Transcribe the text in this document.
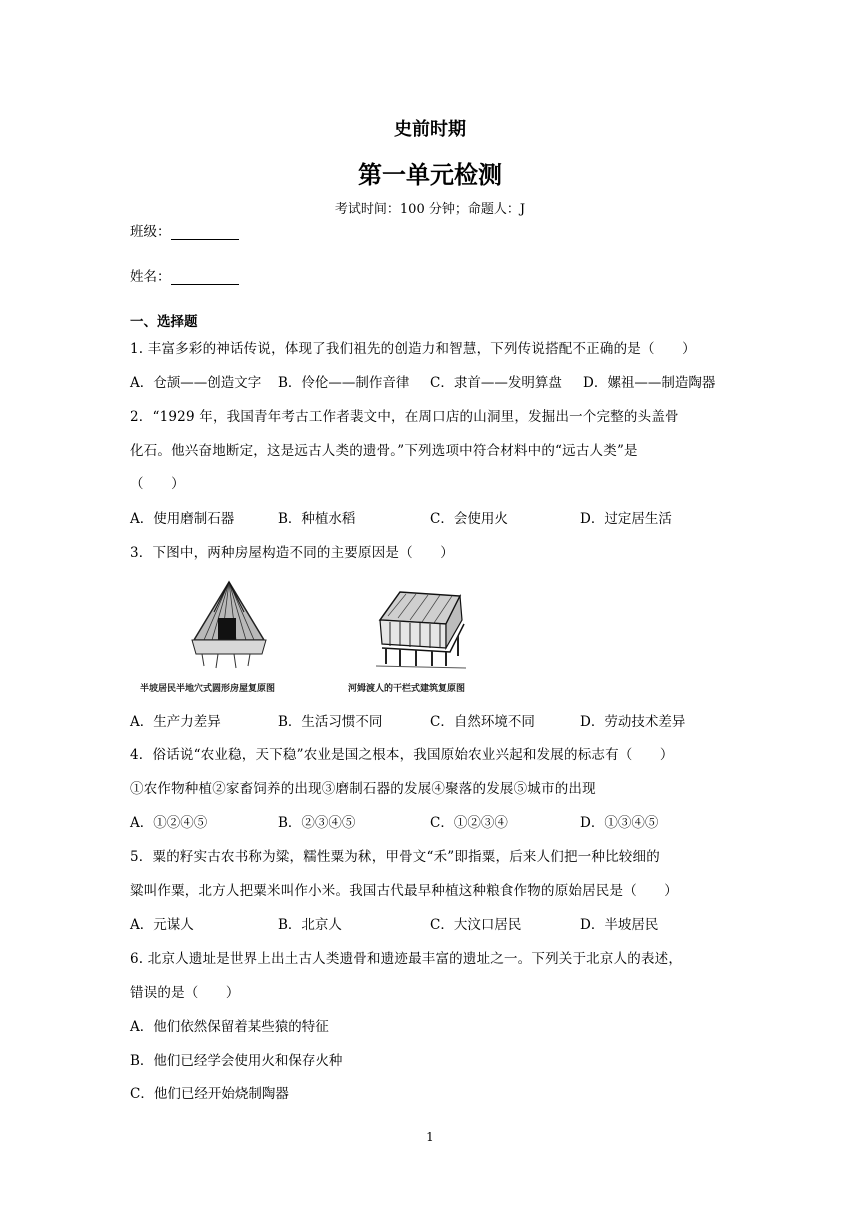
史前时期
第一单元检测
考试时间：100 分钟；命题人：J
班级：
姓名：
一、选择题
1. 丰富多彩的神话传说，体现了我们祖先的创造力和智慧，下列传说搭配不正确的是（　　）
A．仓颉——创造文字 B．伶伦——制作音律 C．隶首——发明算盘 D．嫘祖——制造陶器
2．“1929 年，我国青年考古工作者裴文中，在周口店的山洞里，发掘出一个完整的头盖骨
化石。他兴奋地断定，这是远古人类的遗骨。”下列选项中符合材料中的“远古人类”是
（　　）
A．使用磨制石器	B．种植水稻	C．会使用火	D．过定居生活
3．下图中，两种房屋构造不同的主要原因是（　　）
半坡居民半地穴式圆形房屋复原图	河姆渡人的干栏式建筑复原图
A．生产力差异	B．生活习惯不同	C．自然环境不同	D．劳动技术差异
4．俗话说“农业稳，天下稳”农业是国之根本，我国原始农业兴起和发展的标志有（　　）
①农作物种植②家畜饲养的出现③磨制石器的发展④聚落的发展⑤城市的出现
A．①②④⑤	B．②③④⑤	C．①②③④	D．①③④⑤
5．粟的籽实古农书称为粱，糯性粟为秫，甲骨文“禾”即指粟，后来人们把一种比较细的
粱叫作粟，北方人把粟米叫作小米。我国古代最早种植这种粮食作物的原始居民是（　　）
A．元谋人	B．北京人	C．大汶口居民	D．半坡居民
6. 北京人遗址是世界上出土古人类遗骨和遗迹最丰富的遗址之一。下列关于北京人的表述，
错误的是（　　）
A．他们依然保留着某些猿的特征
B．他们已经学会使用火和保存火种
C．他们已经开始烧制陶器
1
